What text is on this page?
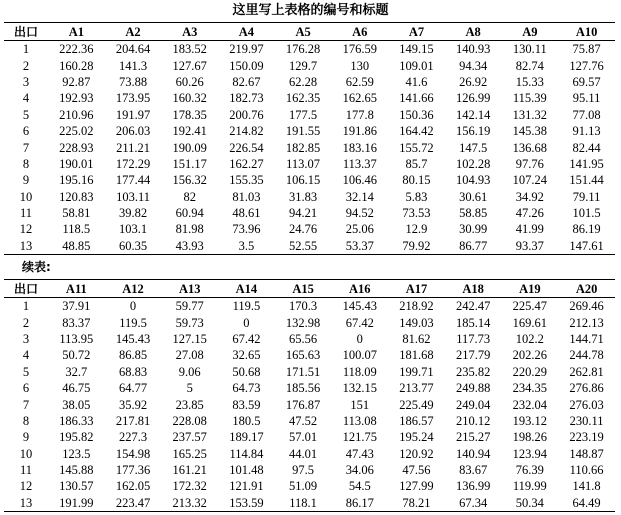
这里写上表格的编号和标题
出口	A1	A2	A3	A4	A5	A6	A7	A8	A9	A10
1	222.36	204.64	183.52	219.97	176.28	176.59	149.15	140.93	130.11	75.87
2	160.28	141.3	127.67	150.09	129.7	130	109.01	94.34	82.74	127.76
3	92.87	73.88	60.26	82.67	62.28	62.59	41.6	26.92	15.33	69.57
4	192.93	173.95	160.32	182.73	162.35	162.65	141.66	126.99	115.39	95.11
5	210.96	191.97	178.35	200.76	177.5	177.8	150.36	142.14	131.32	77.08
6	225.02	206.03	192.41	214.82	191.55	191.86	164.42	156.19	145.38	91.13
7	228.93	211.21	190.09	226.54	182.85	183.16	155.72	147.5	136.68	82.44
8	190.01	172.29	151.17	162.27	113.07	113.37	85.7	102.28	97.76	141.95
9	195.16	177.44	156.32	155.35	106.15	106.46	80.15	104.93	107.24	151.44
10	120.83	103.11	82	81.03	31.83	32.14	5.83	30.61	34.92	79.11
11	58.81	39.82	60.94	48.61	94.21	94.52	73.53	58.85	47.26	101.5
12	118.5	103.1	81.98	73.96	24.76	25.06	12.9	30.99	41.99	86.19
13	48.85	60.35	43.93	3.5	52.55	53.37	79.92	86.77	93.37	147.61
续表:
出口	A11	A12	A13	A14	A15	A16	A17	A18	A19	A20
1	37.91	0	59.77	119.5	170.3	145.43	218.92	242.47	225.47	269.46
2	83.37	119.5	59.73	0	132.98	67.42	149.03	185.14	169.61	212.13
3	113.95	145.43	127.15	67.42	65.56	0	81.62	117.73	102.2	144.71
4	50.72	86.85	27.08	32.65	165.63	100.07	181.68	217.79	202.26	244.78
5	32.7	68.83	9.06	50.68	171.51	118.09	199.71	235.82	220.29	262.81
6	46.75	64.77	5	64.73	185.56	132.15	213.77	249.88	234.35	276.86
7	38.05	35.92	23.85	83.59	176.87	151	225.49	249.04	232.04	276.03
8	186.33	217.81	228.08	180.5	47.52	113.08	186.57	210.12	193.12	230.11
9	195.82	227.3	237.57	189.17	57.01	121.75	195.24	215.27	198.26	223.19
10	123.5	154.98	165.25	114.84	44.01	47.43	120.92	140.94	123.94	148.87
11	145.88	177.36	161.21	101.48	97.5	34.06	47.56	83.67	76.39	110.66
12	130.57	162.05	172.32	121.91	51.09	54.5	127.99	136.99	119.99	141.8
13	191.99	223.47	213.32	153.59	118.1	86.17	78.21	67.34	50.34	64.49
